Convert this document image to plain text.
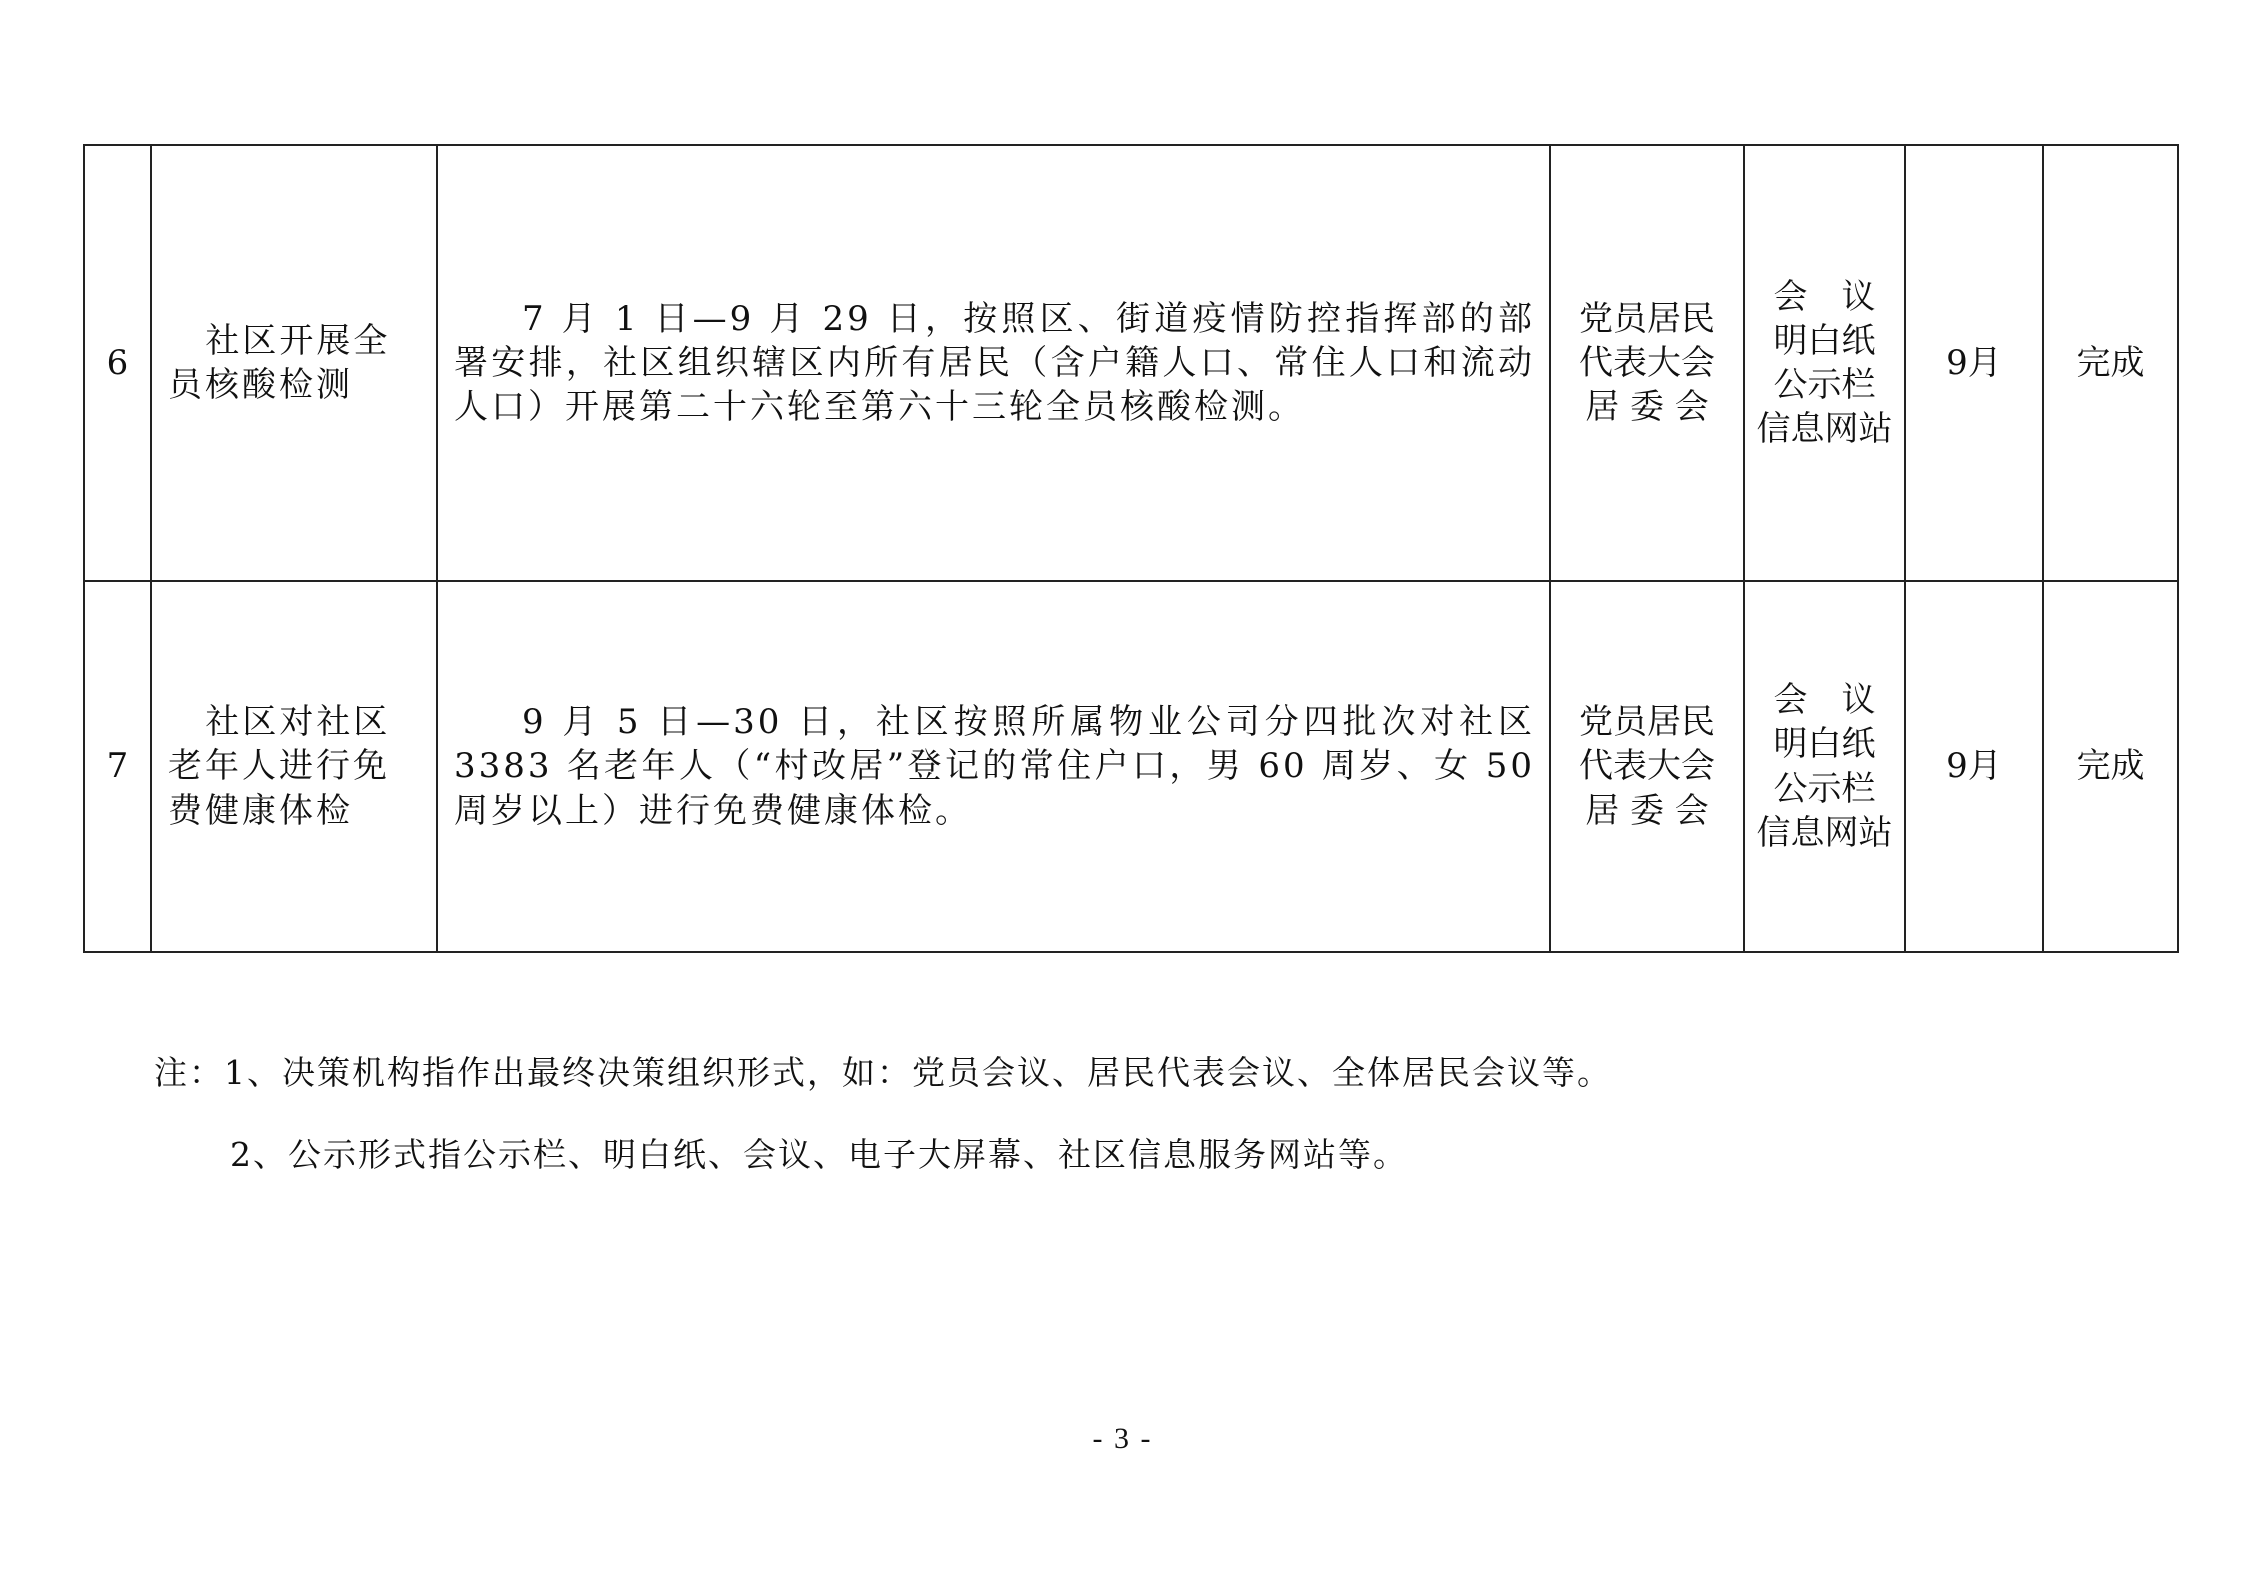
6	社区开展全员核酸检测	7 月 1 日—9 月 29 日，按照区、街道疫情防控指挥部的部署安排，社区组织辖区内所有居民（含户籍人口、常住人口和流动人口）开展第二十六轮至第六十三轮全员核酸检测。	党员居民
代表大会
居 委 会	会　议
明白纸
公示栏
信息网站	9月	完成
7	社区对社区老年人进行免费健康体检	9 月 5 日—30 日，社区按照所属物业公司分四批次对社区 3383 名老年人（“村改居”登记的常住户口，男 60 周岁、女 50 周岁以上）进行免费健康体检。	党员居民
代表大会
居 委 会	会　议
明白纸
公示栏
信息网站	9月	完成
注：1、决策机构指作出最终决策组织形式，如：党员会议、居民代表会议、全体居民会议等。
2、公示形式指公示栏、明白纸、会议、电子大屏幕、社区信息服务网站等。
- 3 -
